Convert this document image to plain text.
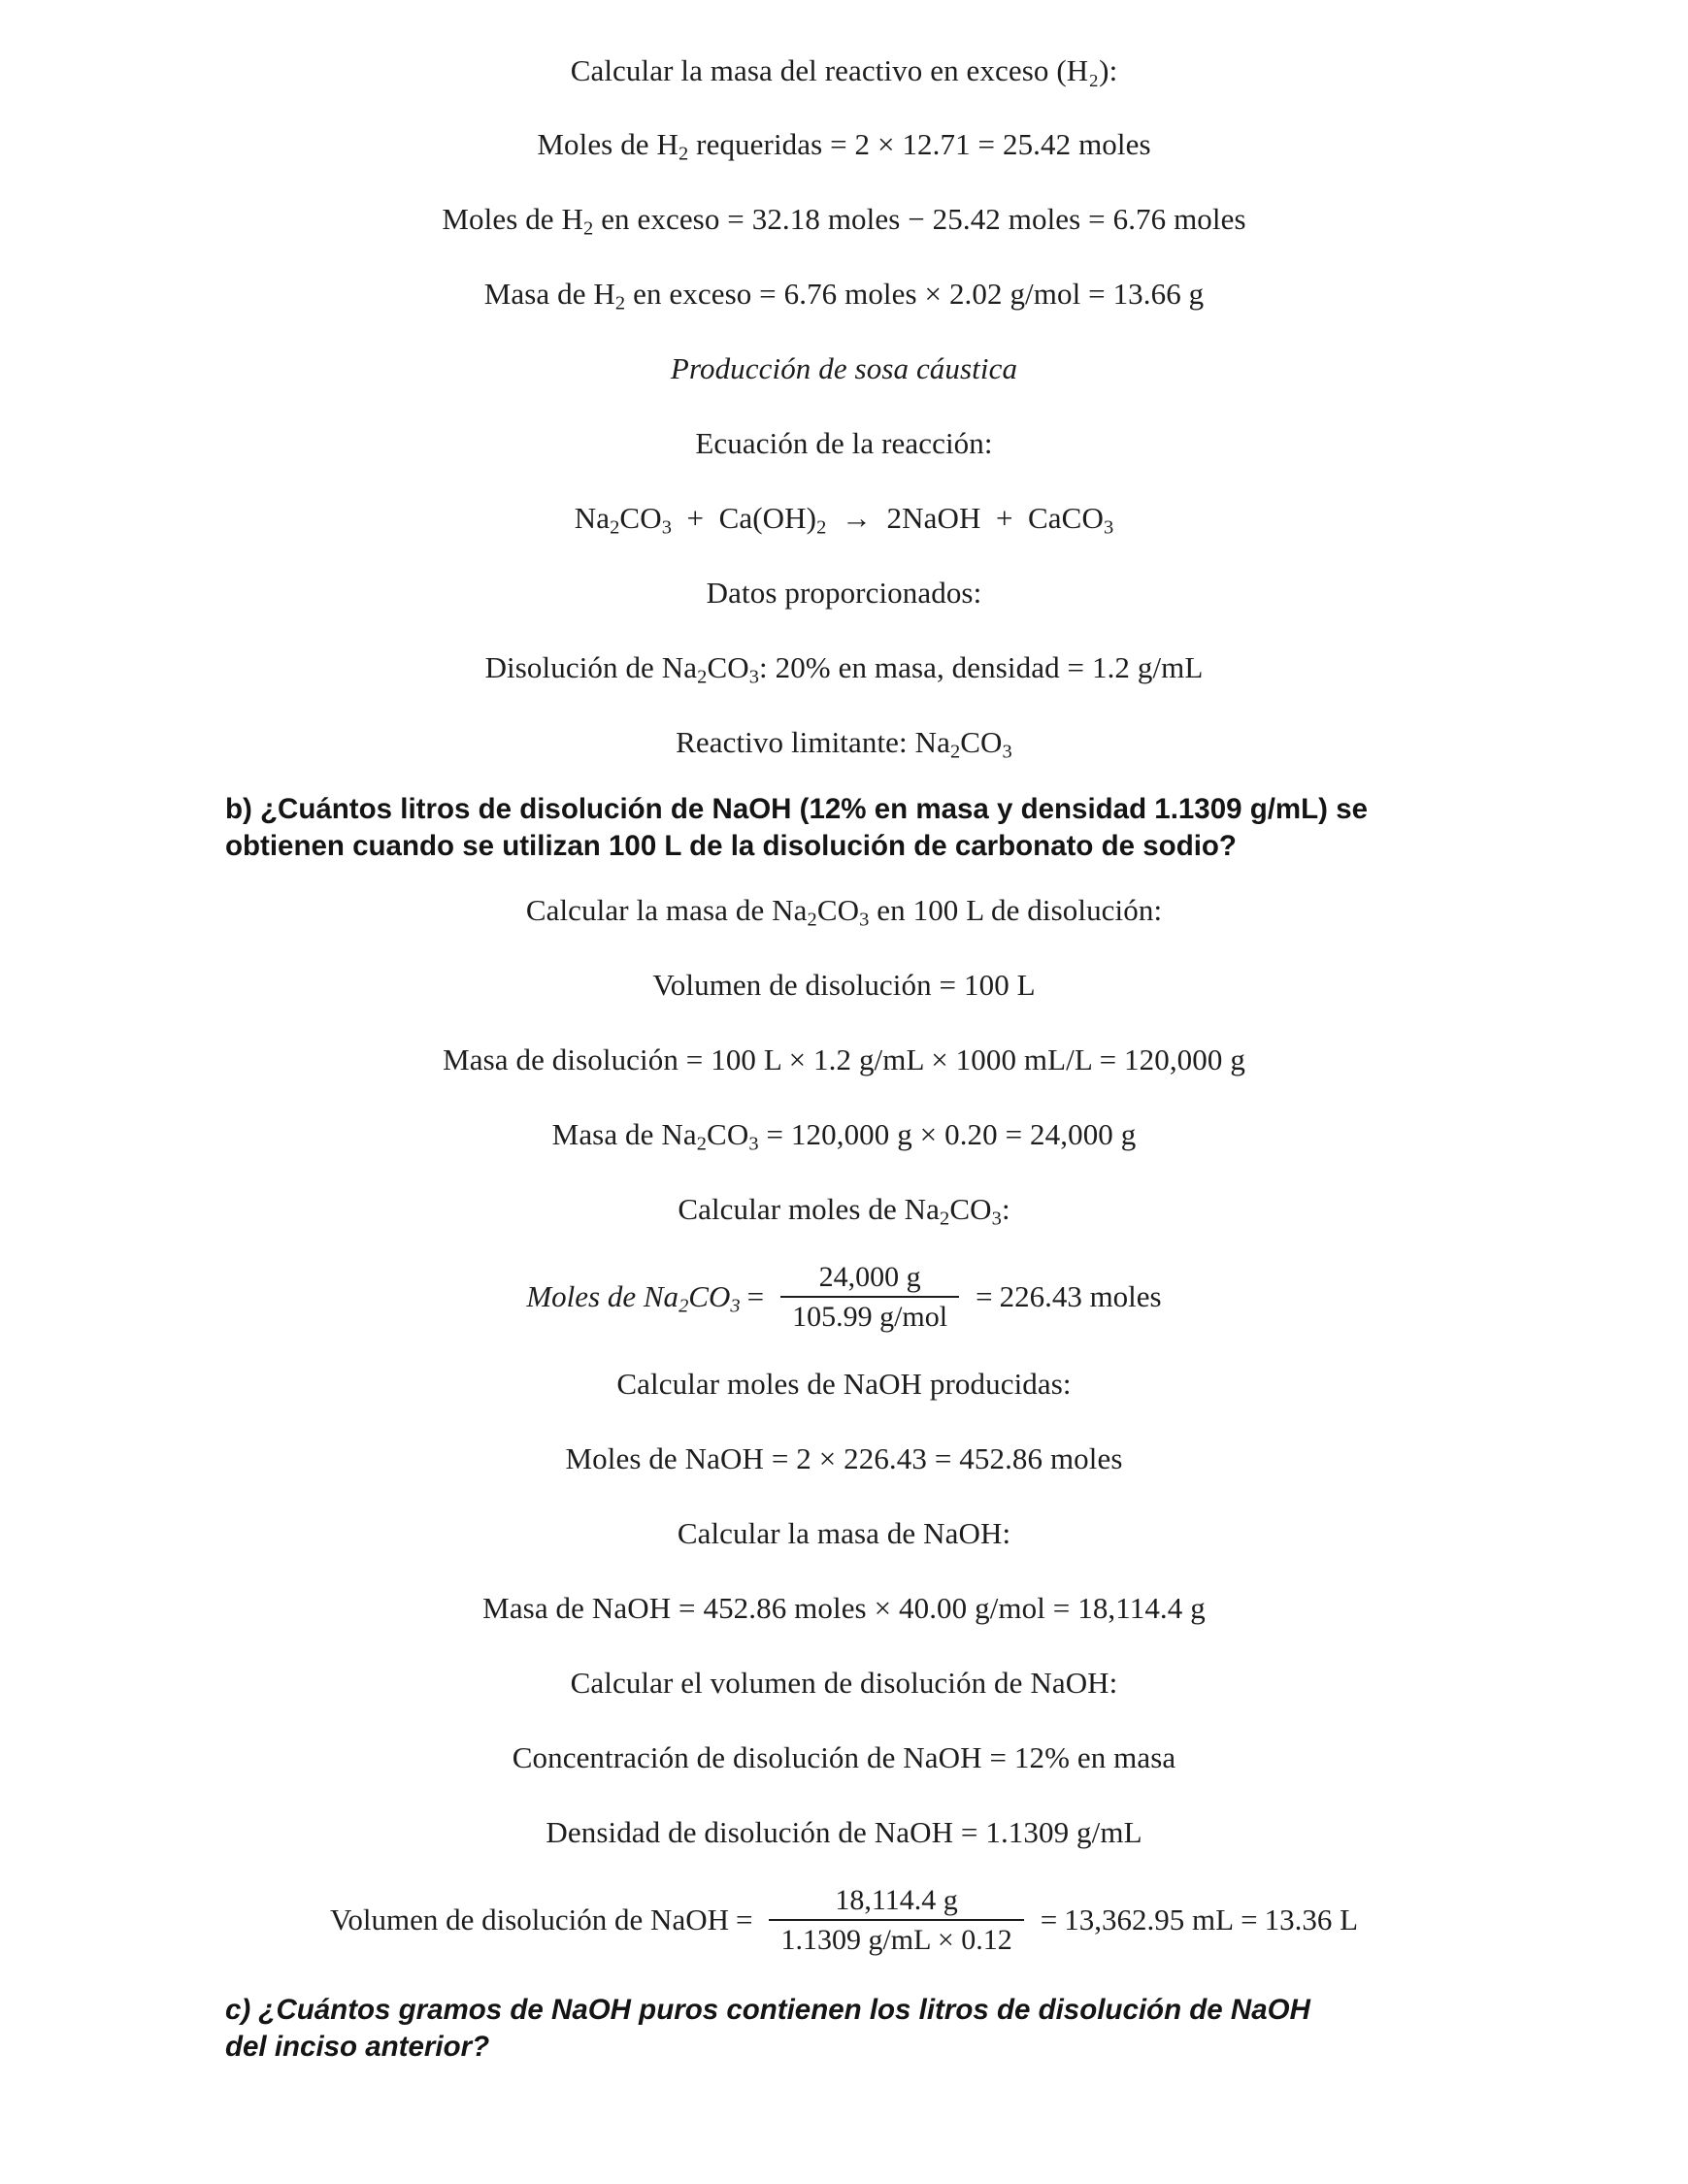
Calcular la masa del reactivo en exceso (H₂):
Moles de $H_2$ requeridas = 2 × 12.71 = 25.42 moles
Moles de $H_2$ en exceso = 32.18 moles − 25.42 moles = 6.76 moles
Masa de $H_2$ en exceso = 6.76 moles × 2.02 g/mol = 13.66 g
Producción de sosa cáustica
Ecuación de la reacción:
$Na_2CO_3 + Ca(OH)_2$ → 2NaOH + CaCO$_3$
Datos proporcionados:
Disolución de $Na_2CO_3$: 20% en masa, densidad = 1.2 g/mL
Reactivo limitante: $Na_2CO_3$

b) ¿Cuántos litros de disolución de NaOH (12% en masa y densidad 1.1309 g/mL) se
obtienen cuando se utilizan 100 L de la disolución de carbonato de sodio?

Calcular la masa de $Na_2CO_3$ en 100 L de disolución:
Volumen de disolución = 100 L
Masa de disolución = 100 L × 1.2 g/mL × 1000 mL/L = 120,000 g
Masa de $Na_2CO_3 = 120,000$ g × 0.20 = 24,000 g
Calcular moles de $Na_2CO_3$:
Moles de $Na_2CO_3 = \frac{24,000 g}{\text{105.99 g/mol}} = 226.43$ moles
Calcular moles de NaOH producidas:
Moles de NaOH = 2 × 226.43 = 452.86 moles
Calcular la masa de NaOH:
Masa de NaOH = 452.86 moles × 40.00 g/mol = 18,114.4 g
Calcular el volumen de disolución de NaOH:
Concentración de disolución de NaOH = 12% en masa
Densidad de disolución de NaOH = 1.1309 g/mL
Volumen de disolución de NaOH = $\frac{18,114.4 g}{1.1309 g/mL \times 0.12} = 13,362.95$ mL = 13.36 L

c) ¿Cuántos gramos de NaOH puros contienen los litros de disolución de NaOH
del inciso anterior?
